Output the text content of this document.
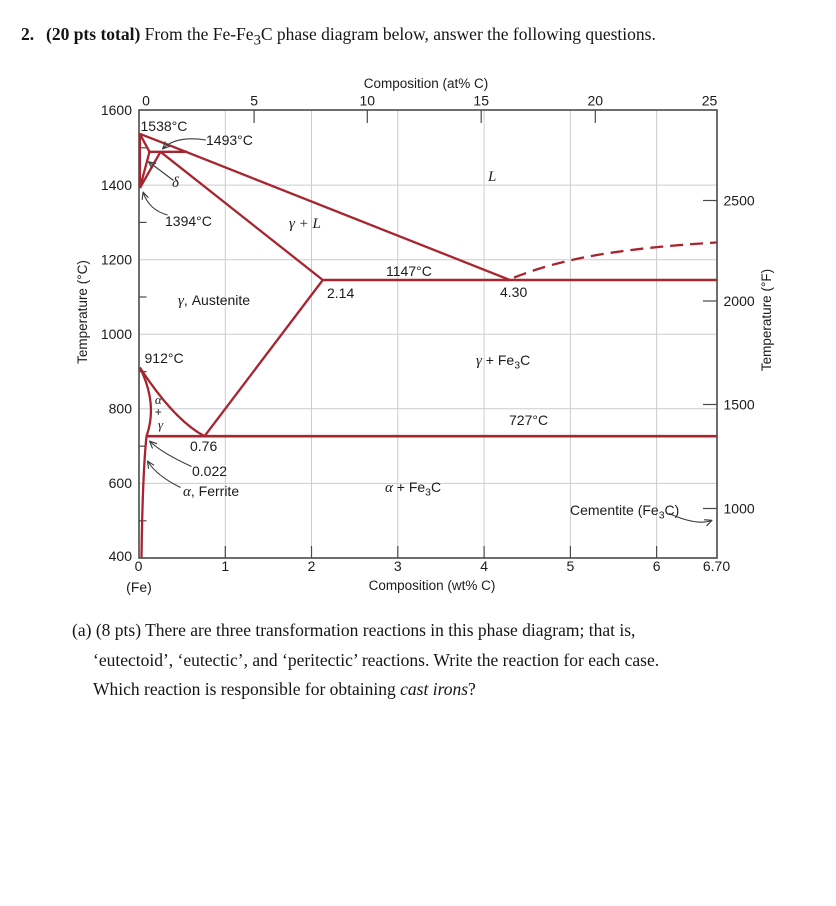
2. (20 pts total) From the $Fe-Fe_3C$ phase diagram below, answer the following questions.
Composition (at% C)
Composition (wt% C)
Temperature (°C)	Temperature (°F)
(Fe)
0	5	10	15	20	25
0	1	2	3	4	5	6	6.70
1600
1400
1200
1000
800
600
400
2500
2000
1500
1000
1538°C
1493°C
δ
1394°C	γ + L
L
1147°C
2.14	4.30
γ, Austenite
912°C
α + γ
0.76
0.022
α, Ferrite
$\gamma + Fe_3C$
727°C
$\alpha + Fe_3C$
Cementite $(Fe_3C)$
(a) (8 pts) There are three transformation reactions in this phase diagram; that is,
‘eutectoid’, ‘eutectic’, and ‘peritectic’ reactions. Write the reaction for each case.
Which reaction is responsible for obtaining cast irons?
